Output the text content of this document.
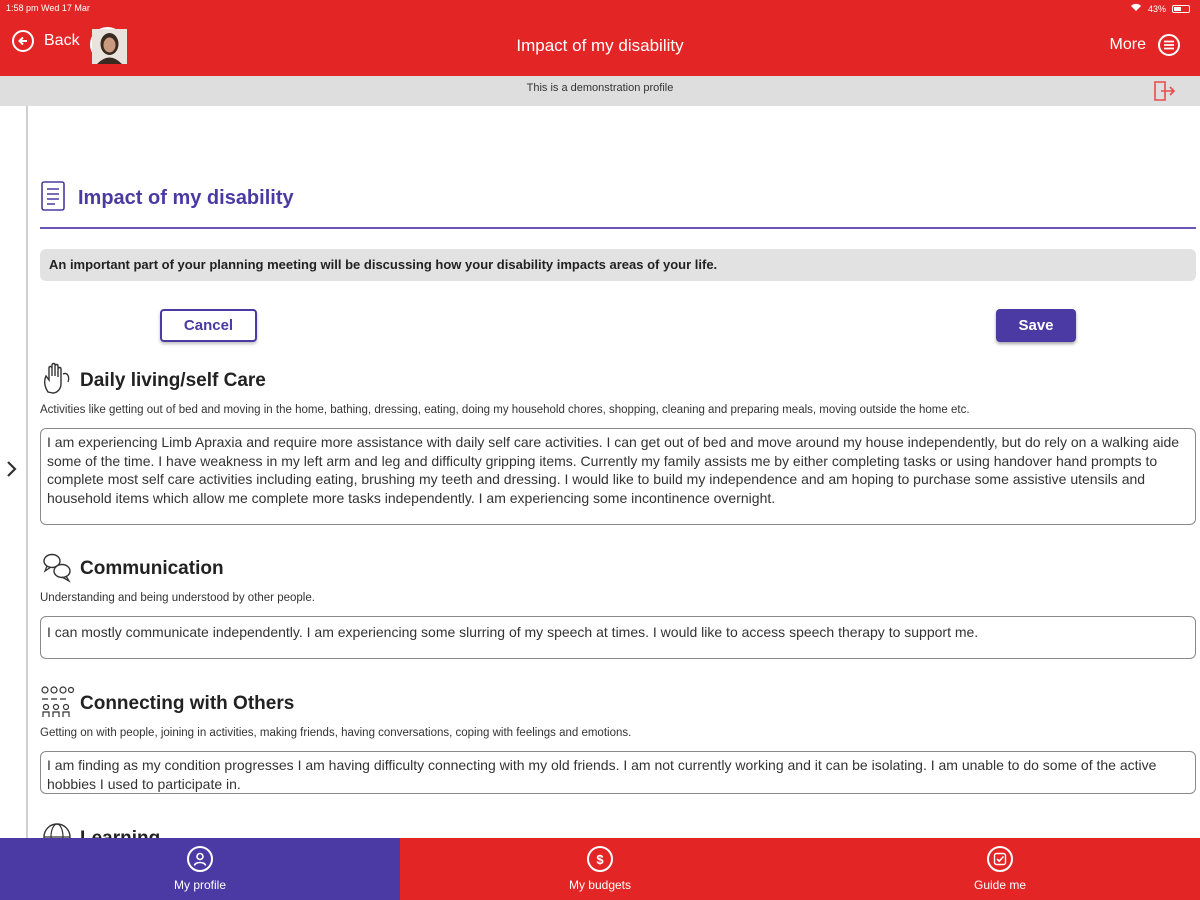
1:58 pm Wed 17 Mar	43%
Back	Impact of my disability	More
This is a demonstration profile
Impact of my disability
An important part of your planning meeting will be discussing how your disability impacts areas of your life.
Cancel	Save
Daily living/self Care
Activities like getting out of bed and moving in the home, bathing, dressing, eating, doing my household chores, shopping, cleaning and preparing meals, moving outside the home etc.
I am experiencing Limb Apraxia and require more assistance with daily self care activities. I can get out of bed and move around my house independently, but do rely on a walking aide some of the time. I have weakness in my left arm and leg and difficulty gripping items. Currently my family assists me by either completing tasks or using handover hand prompts to complete most self care activities including eating, brushing my teeth and dressing. I would like to build my independence and am hoping to purchase some assistive utensils and household items which allow me complete more tasks independently. I am experiencing some incontinence overnight.
Communication
Understanding and being understood by other people.
I can mostly communicate independently. I am experiencing some slurring of my speech at times. I would like to access speech therapy to support me.
Connecting with Others
Getting on with people, joining in activities, making friends, having conversations, coping with feelings and emotions.
I am finding as my condition progresses I am having difficulty connecting with my old friends. I am not currently working and it can be isolating. I am unable to do some of the active hobbies I used to participate in.
My profile
$
My budgets	Guide me
